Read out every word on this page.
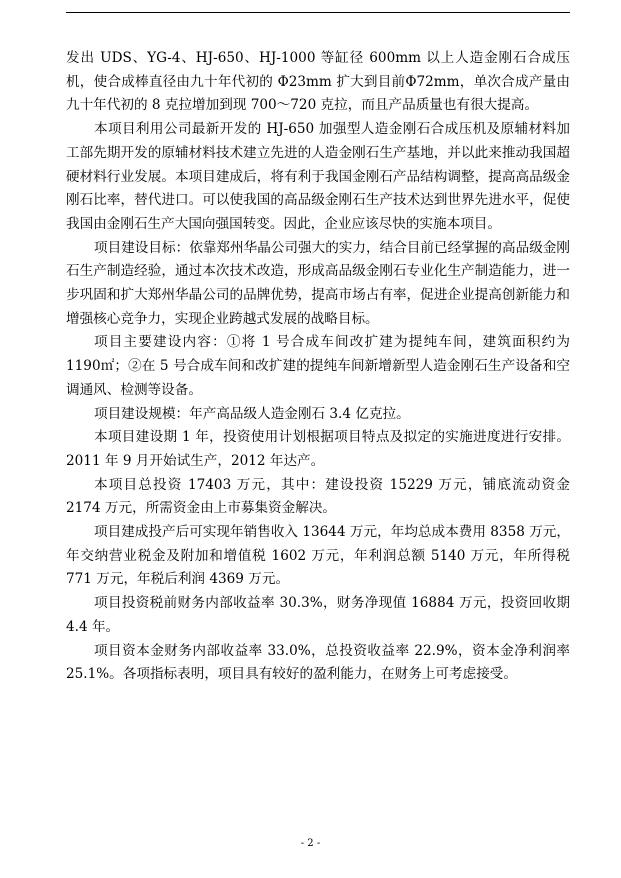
发出 UDS、YG-4、HJ-650、HJ-1000 等缸径 600mm 以上人造金刚石合成压机，使合成棒直径由九十年代初的 Φ23mm 扩大到目前Φ72mm，单次合成产量由九十年代初的 8 克拉增加到现 700～720 克拉，而且产品质量也有很大提高。

本项目利用公司最新开发的 HJ-650 加强型人造金刚石合成压机及原辅材料加工部先期开发的原辅材料技术建立先进的人造金刚石生产基地，并以此来推动我国超硬材料行业发展。本项目建成后，将有利于我国金刚石产品结构调整，提高高品级金刚石比率，替代进口。可以使我国的高品级金刚石生产技术达到世界先进水平，促使我国由金刚石生产大国向强国转变。因此，企业应该尽快的实施本项目。

项目建设目标：依靠郑州华晶公司强大的实力，结合目前已经掌握的高品级金刚石生产制造经验，通过本次技术改造，形成高品级金刚石专业化生产制造能力，进一步巩固和扩大郑州华晶公司的品牌优势，提高市场占有率，促进企业提高创新能力和增强核心竞争力，实现企业跨越式发展的战略目标。

项目主要建设内容：①将 1 号合成车间改扩建为提纯车间，建筑面积约为 1190㎡；②在 5 号合成车间和改扩建的提纯车间新增新型人造金刚石生产设备和空调通风、检测等设备。

项目建设规模：年产高品级人造金刚石 3.4 亿克拉。

本项目建设期 1 年，投资使用计划根据项目特点及拟定的实施进度进行安排。2011 年 9 月开始试生产，2012 年达产。

本项目总投资 17403 万元，其中：建设投资 15229 万元，铺底流动资金 2174 万元，所需资金由上市募集资金解决。

项目建成投产后可实现年销售收入 13644 万元，年均总成本费用 8358 万元，年交纳营业税金及附加和增值税 1602 万元，年利润总额 5140 万元，年所得税 771 万元，年税后利润 4369 万元。

项目投资税前财务内部收益率 30.3%，财务净现值 16884 万元，投资回收期 4.4 年。

项目资本金财务内部收益率 33.0%，总投资收益率 22.9%，资本金净利润率 25.1%。各项指标表明，项目具有较好的盈利能力，在财务上可考虑接受。

- 2 -
